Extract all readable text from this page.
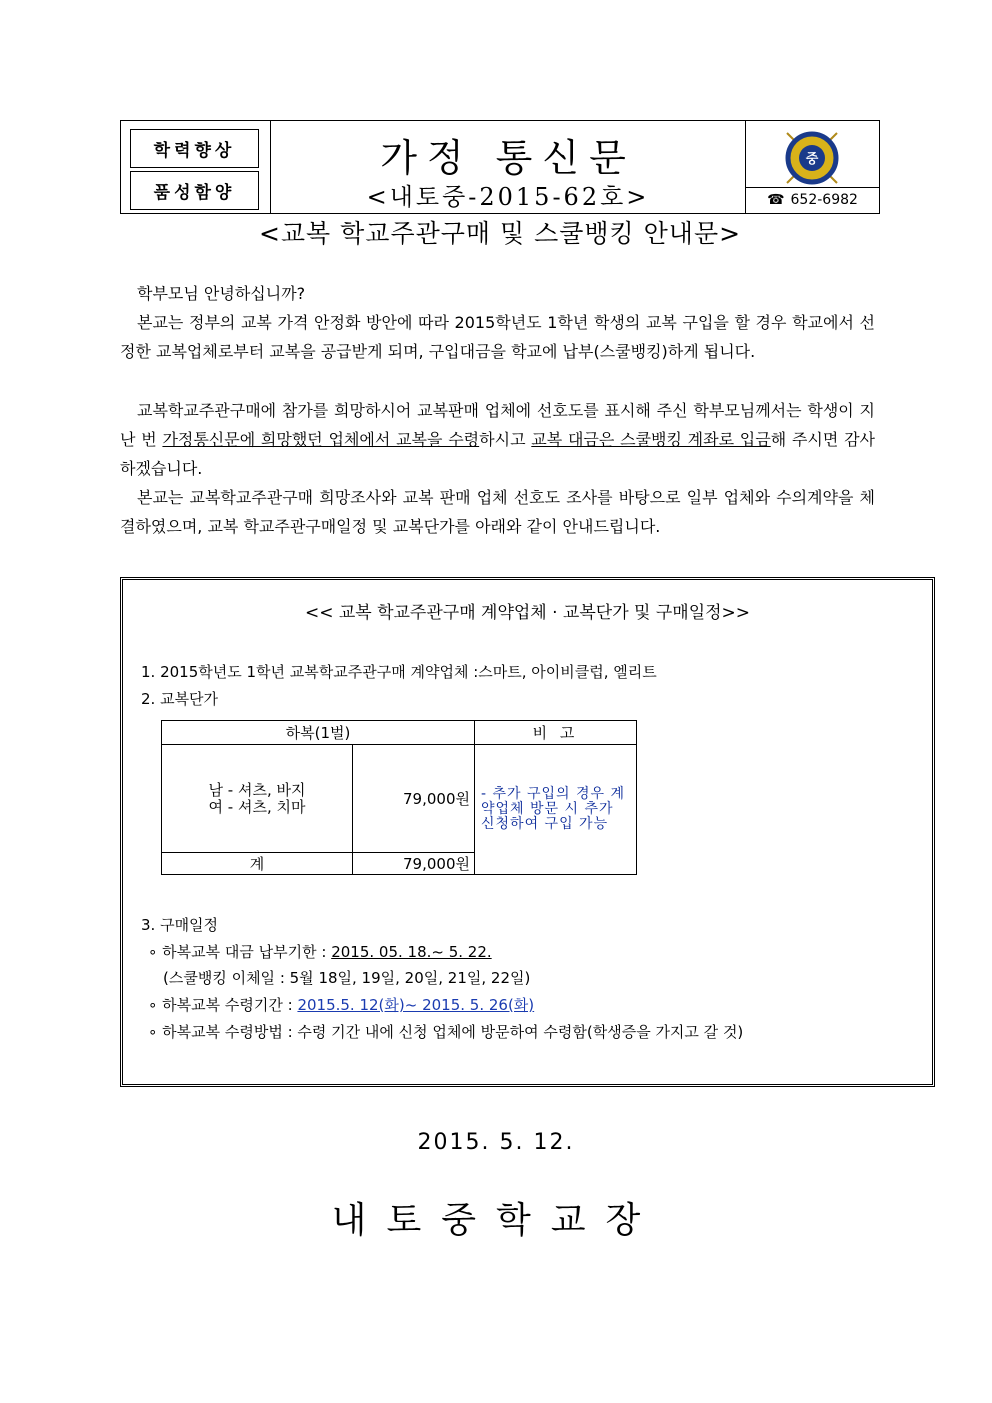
학력향상
품성함양
가정 통신문
<내토중-2015-62호>
중
☎ 652-6982
<교복 학교주관구매 및 스쿨뱅킹 안내문>
학부모님 안녕하십니까?
본교는 정부의 교복 가격 안정화 방안에 따라 2015학년도 1학년 학생의 교복 구입을 할 경우 학교에서 선정한 교복업체로부터 교복을 공급받게 되며, 구입대금을 학교에 납부(스쿨뱅킹)하게 됩니다.
교복학교주관구매에 참가를 희망하시어 교복판매 업체에 선호도를 표시해 주신 학부모님께서는 학생이 지난 번 가정통신문에 희망했던 업체에서 교복을 수령하시고 교복 대금은 스쿨뱅킹 계좌로 입금해 주시면 감사하겠습니다.
본교는 교복학교주관구매 희망조사와 교복 판매 업체 선호도 조사를 바탕으로 일부 업체와 수의계약을 체결하였으며, 교복 학교주관구매일정 및 교복단가를 아래와 같이 안내드립니다.
<< 교복 학교주관구매 계약업체 · 교복단가 및 구매일정>>
1. 2015학년도 1학년 교복학교주관구매 계약업체 :스마트, 아이비클럽, 엘리트
2. 교복단가
하복(1벌)		비 고

남 - 셔츠, 바지
여 - 셔츠, 치마	79,000원	- 추가 구입의 경우 계약업체 방문 시 추가 신청하여 구입 가능

계	79,000원	
3. 구매일정
∘ 하복교복 대금 납부기한 : 2015. 05. 18.~ 5. 22.
(스쿨뱅킹 이체일 : 5월 18일, 19일, 20일, 21일, 22일)
∘ 하복교복 수령기간 : 2015.5. 12(화)~ 2015. 5. 26(화)
∘ 하복교복 수령방법 : 수령 기간 내에 신청 업체에 방문하여 수령함(학생증을 가지고 갈 것)
2015. 5. 12.
내토중학교장
